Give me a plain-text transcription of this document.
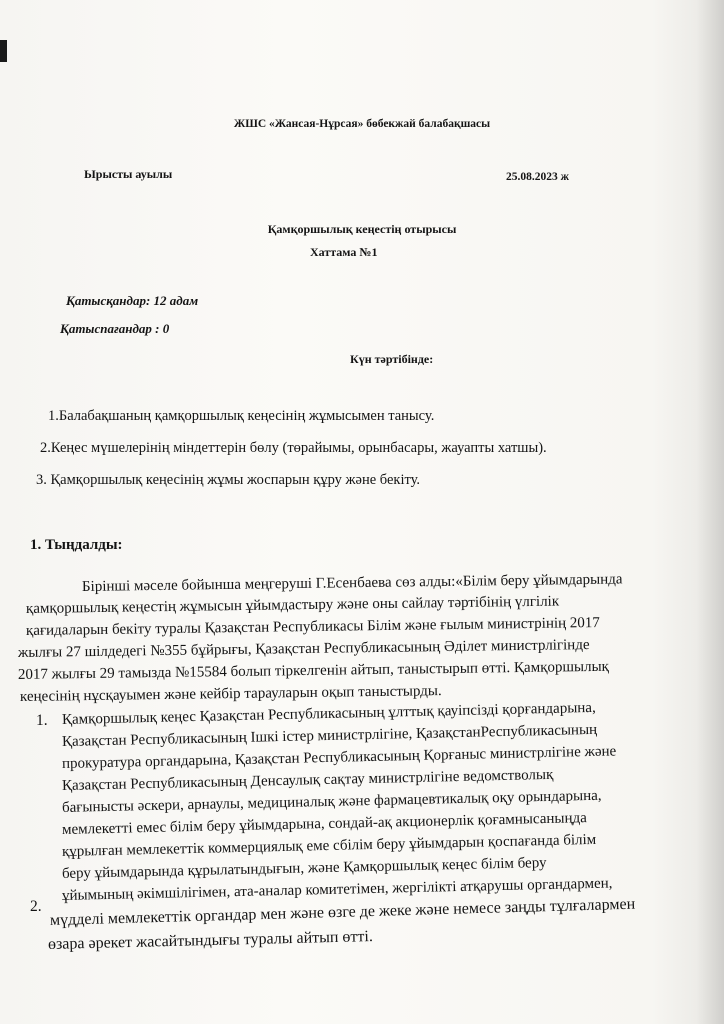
ЖШС «Жансая-Нұрсая» бөбекжай балабақшасы
Ырысты ауылы	25.08.2023 ж
Қамқоршылық кеңестің отырысы
Хаттама №1
Қатысқандар: 12 адам
Қатыспағандар : 0
Күн тәртібінде:
1.Балабақшаның қамқоршылық кеңесінің жұмысымен танысу.
2.Кеңес мүшелерінің міндеттерін бөлу (төрайымы, орынбасары, жауапты хатшы).
3. Қамқоршылық кеңесінің жұмы жоспарын құру және бекіту.
1. Тыңдалды:
Бірінші мәселе бойынша меңгеруші Г.Есенбаева сөз алды:«Білім беру ұйымдарында
қамқоршылық кеңестің жұмысын ұйымдастыру және оны сайлау тәртібінің үлгілік
қағидаларын бекіту туралы Қазақстан Республикасы Білім және ғылым министрінің 2017
жылғы 27 шілдедегі №355 бұйрығы, Қазақстан Республикасының Әділет министрлігінде
2017 жылғы 29 тамызда №15584 болып тіркелгенін айтып, таныстырып өтті. Қамқоршылық
кеңесінің нұсқауымен және кейбір тарауларын оқып таныстырды.
1. Қамқоршылық кеңес Қазақстан Республикасының ұлттық қауіпсізді қорғандарына,
Қазақстан Республикасының Ішкі істер министрлігіне, ҚазақстанРеспубликасының
прокуратура органдарына, Қазақстан Республикасының Қорғаныс министрлігіне және
Қазақстан Республикасының Денсаулық сақтау министрлігіне ведомстволық
бағынысты әскери, арнаулы, медициналық және фармацевтикалық оқу орындарына,
мемлекетті емес білім беру ұйымдарына, сондай-ақ акционерлік қоғамнысаныңда
құрылған мемлекеттік коммерциялық еме сбілім беру ұйымдарын қоспағанда білім
беру ұйымдарында құрылатындығын, және Қамқоршылық кеңес білім беру
ұйымының әкімшілігімен, ата-аналар комитетімен, жергілікті атқарушы органдармен,
2. мүдделі мемлекеттік органдар мен және өзге де жеке және немесе заңды тұлғалармен
өзара әрекет жасайтындығы туралы айтып өтті.
